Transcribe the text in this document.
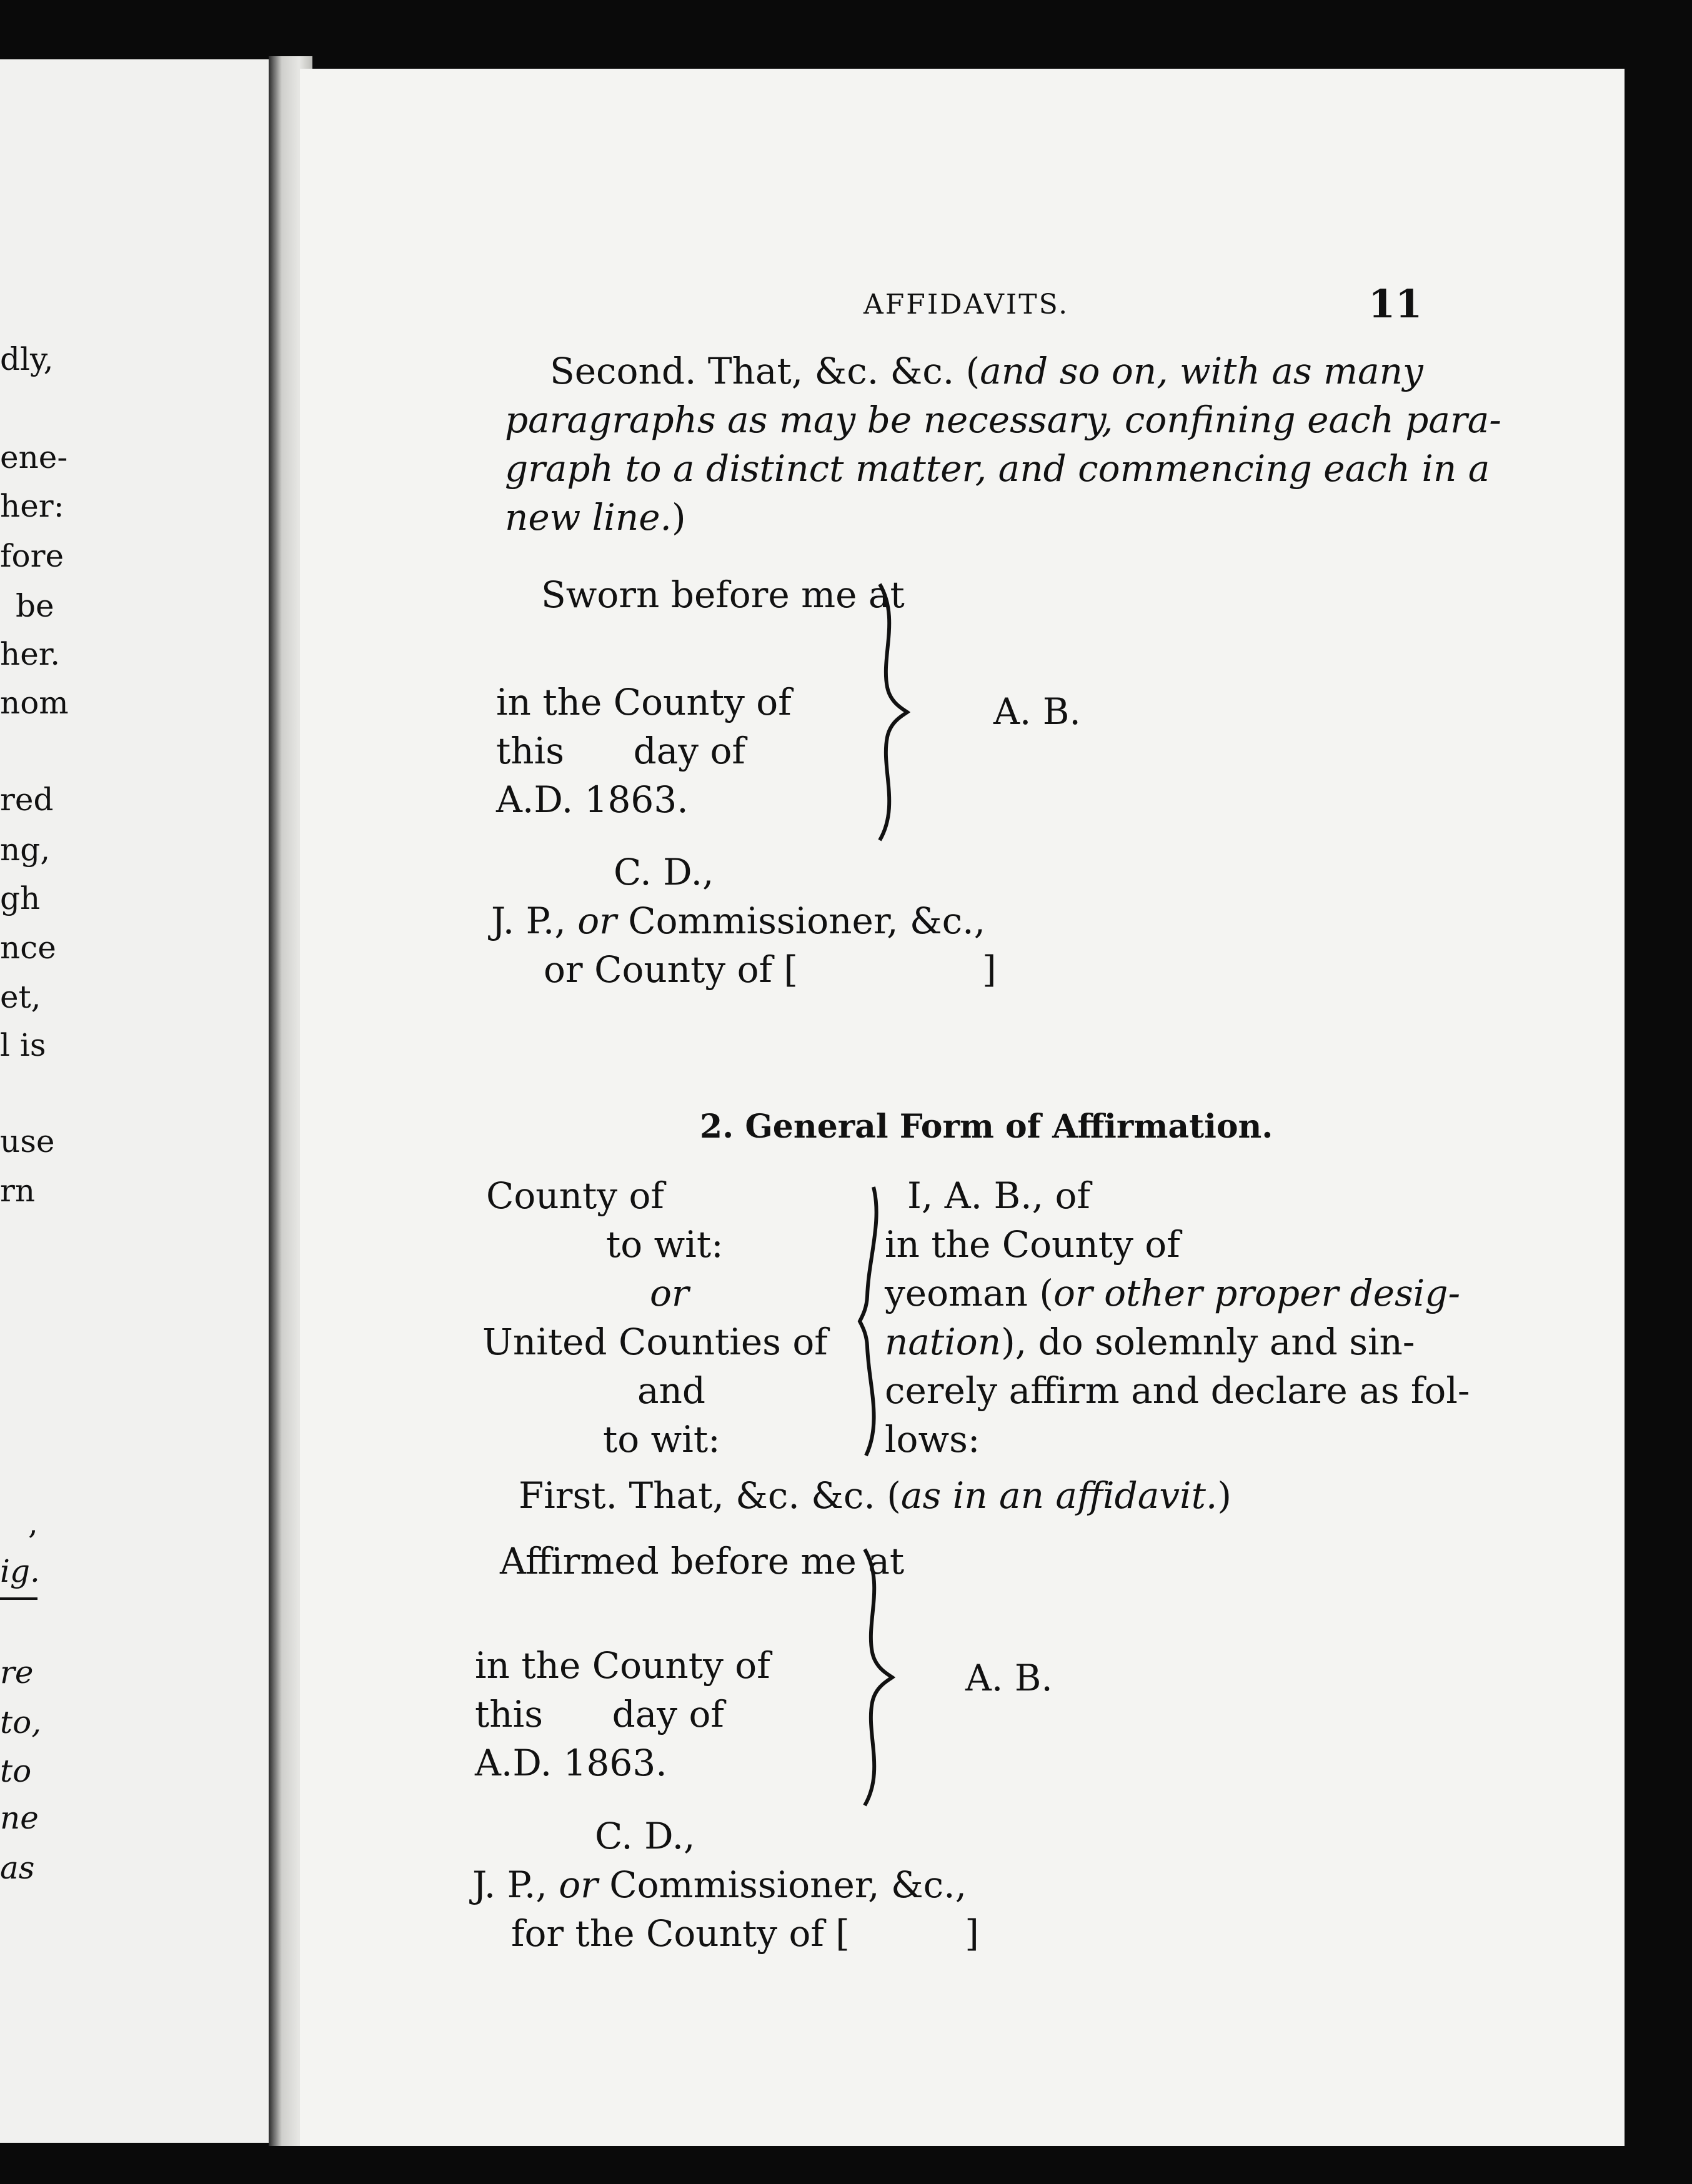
dly,
ene-
her:
fore
be
her.
nom
red
ng,
gh
nce
et,
l is
use
rn
,
ig.
re
to,
to
ne
as
AFFIDAVITS.	11
Second. That, &c. &c. (and so on, with as many
paragraphs as may be necessary, confining each para-
graph to a distinct matter, and commencing each in a
new line.)
Sworn before me at
in the County of
this      day of
A.D. 1863.
A. B.
C. D.,
J. P., or Commissioner, &c.,
or County of [                ]
2. General Form of Affirmation.
County of
to wit:
or
United Counties of
and
to wit:
I, A. B., of
in the County of
yeoman (or other proper desig-
nation), do solemnly and sin-
cerely affirm and declare as fol-
lows:
First. That, &c. &c. (as in an affidavit.)
Affirmed before me at
in the County of
this      day of
A.D. 1863.
A. B.
C. D.,
J. P., or Commissioner, &c.,
for the County of [          ]
